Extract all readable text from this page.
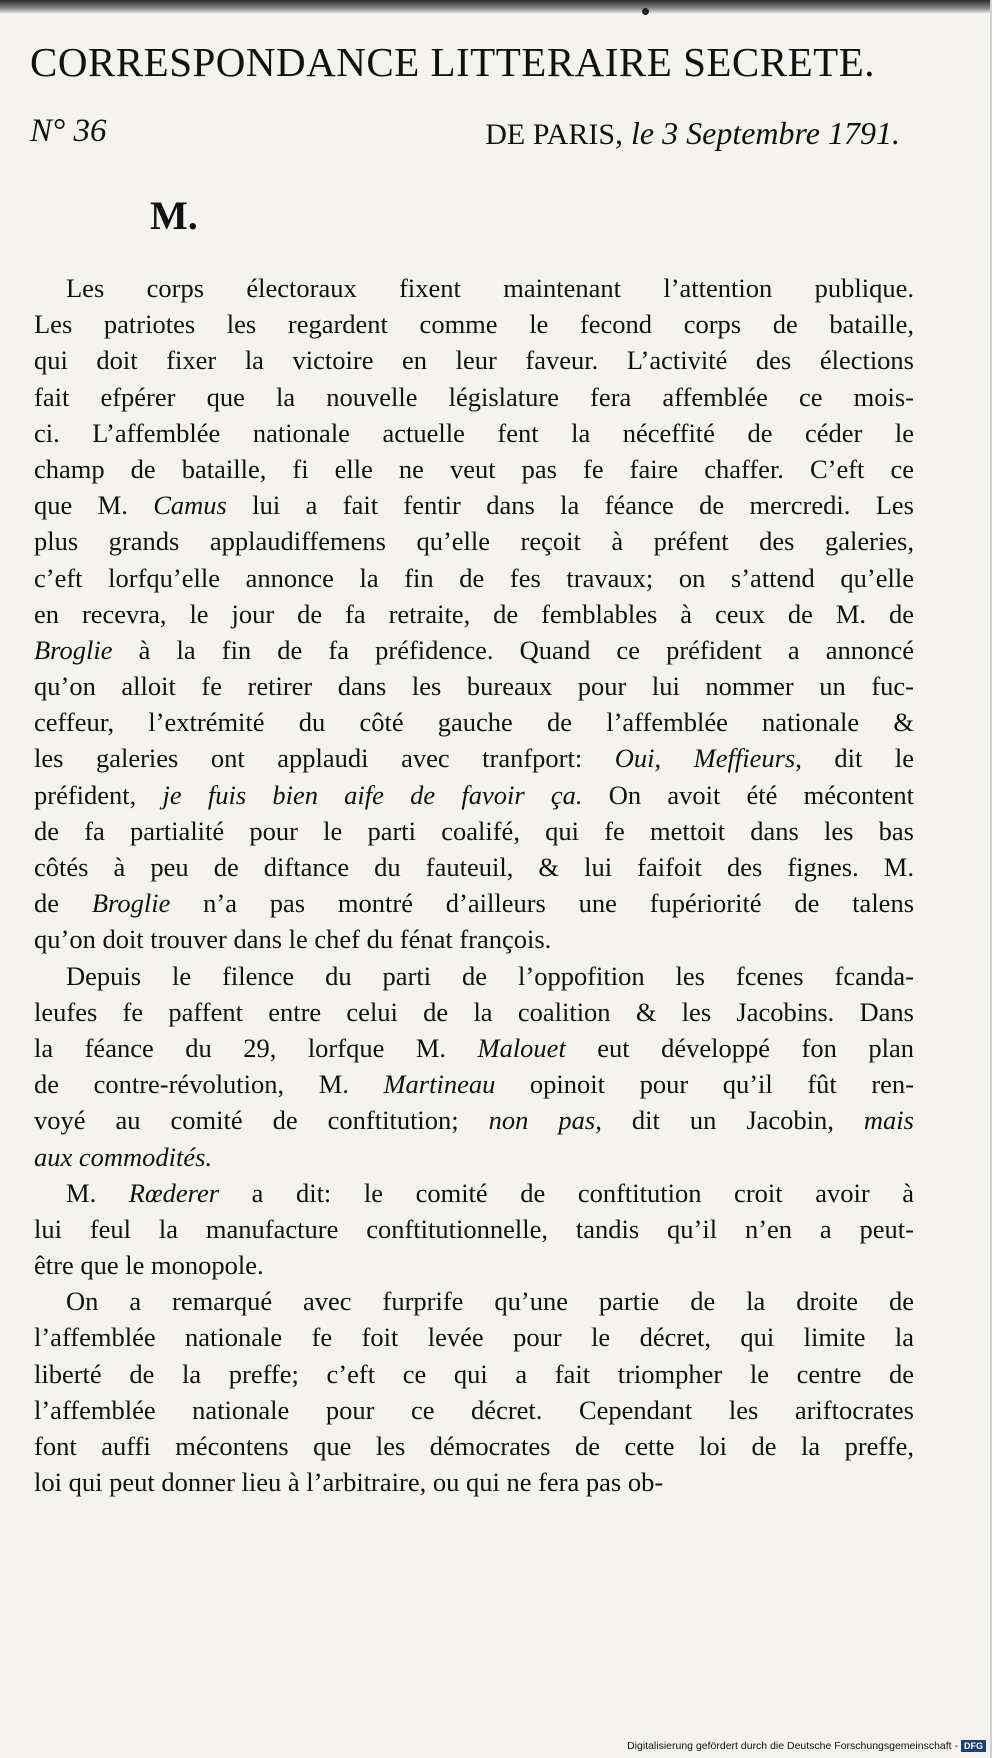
CORRESPONDANCE LITTERAIRE SECRETE.
N° 36	DE PARIS, le 3 Septembre 1791.
M.
Les corps électoraux fixent maintenant l’attention publique.
Les patriotes les regardent comme le fecond corps de bataille,
qui doit fixer la victoire en leur faveur. L’activité des élections
fait efpérer que la nouvelle législature fera affemblée ce mois-
ci. L’affemblée nationale actuelle fent la néceffité de céder le
champ de bataille, fi elle ne veut pas fe faire chaffer. C’eft ce
que M. Camus lui a fait fentir dans la féance de mercredi. Les
plus grands applaudiffemens qu’elle reçoit à préfent des galeries,
c’eft lorfqu’elle annonce la fin de fes travaux; on s’attend qu’elle
en recevra, le jour de fa retraite, de femblables à ceux de M. de
Broglie à la fin de fa préfidence. Quand ce préfident a annoncé
qu’on alloit fe retirer dans les bureaux pour lui nommer un fuc-
ceffeur, l’extrémité du côté gauche de l’affemblée nationale &
les galeries ont applaudi avec tranfport: Oui, Meffieurs, dit le
préfident, je fuis bien aife de favoir ça. On avoit été mécontent
de fa partialité pour le parti coalifé, qui fe mettoit dans les bas
côtés à peu de diftance du fauteuil, & lui faifoit des fignes. M.
de Broglie n’a pas montré d’ailleurs une fupériorité de talens
qu’on doit trouver dans le chef du fénat françois.
Depuis le filence du parti de l’oppofition les fcenes fcanda-
leufes fe paffent entre celui de la coalition & les Jacobins. Dans
la féance du 29, lorfque M. Malouet eut développé fon plan
de contre-révolution, M. Martineau opinoit pour qu’il fût ren-
voyé au comité de conftitution; non pas, dit un Jacobin, mais
aux commodités.
M. Rœderer a dit: le comité de conftitution croit avoir à
lui feul la manufacture conftitutionnelle, tandis qu’il n’en a peut-
être que le monopole.
On a remarqué avec furprife qu’une partie de la droite de
l’affemblée nationale fe foit levée pour le décret, qui limite la
liberté de la preffe; c’eft ce qui a fait triompher le centre de
l’affemblée nationale pour ce décret. Cependant les ariftocrates
font auffi mécontens que les démocrates de cette loi de la preffe,
loi qui peut donner lieu à l’arbitraire, ou qui ne fera pas ob-
Digitalisierung gefördert durch die Deutsche Forschungsgemeinschaft - DFG
